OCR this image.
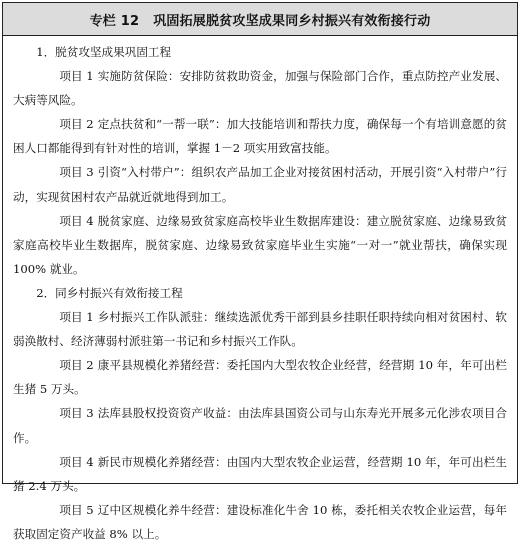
专栏 12 巩固拓展脱贫攻坚成果同乡村振兴有效衔接行动

1．脱贫攻坚成果巩固工程

项目 1 实施防贫保险：安排防贫救助资金，加强与保险部门合作，重点防控产业发展、大病等风险。

项目 2 定点扶贫和“一帮一联”：加大技能培训和帮扶力度，确保每一个有培训意愿的贫困人口都能得到有针对性的培训，掌握 1－2 项实用致富技能。

项目 3 引资“入村带户”：组织农产品加工企业对接贫困村活动，开展引资“入村带户”行动，实现贫困村农产品就近就地得到加工。

项目 4 脱贫家庭、边缘易致贫家庭高校毕业生数据库建设：建立脱贫家庭、边缘易致贫家庭高校毕业生数据库，脱贫家庭、边缘易致贫家庭毕业生实施“一对一”就业帮扶，确保实现 100% 就业。

2．同乡村振兴有效衔接工程

项目 1 乡村振兴工作队派驻：继续选派优秀干部到县乡挂职任职持续向相对贫困村、软弱涣散村、经济薄弱村派驻第一书记和乡村振兴工作队。

项目 2 康平县规模化养猪经营：委托国内大型农牧企业经营，经营期 10 年，年可出栏生猪 5 万头。

项目 3 法库县股权投资资产收益：由法库县国资公司与山东寿光开展多元化涉农项目合作。

项目 4 新民市规模化养猪经营：由国内大型农牧企业运营，经营期 10 年，年可出栏生猪 2.4 万头。

项目 5 辽中区规模化养牛经营：建设标准化牛舍 10 栋，委托相关农牧企业运营，每年获取固定资产收益 8% 以上。
